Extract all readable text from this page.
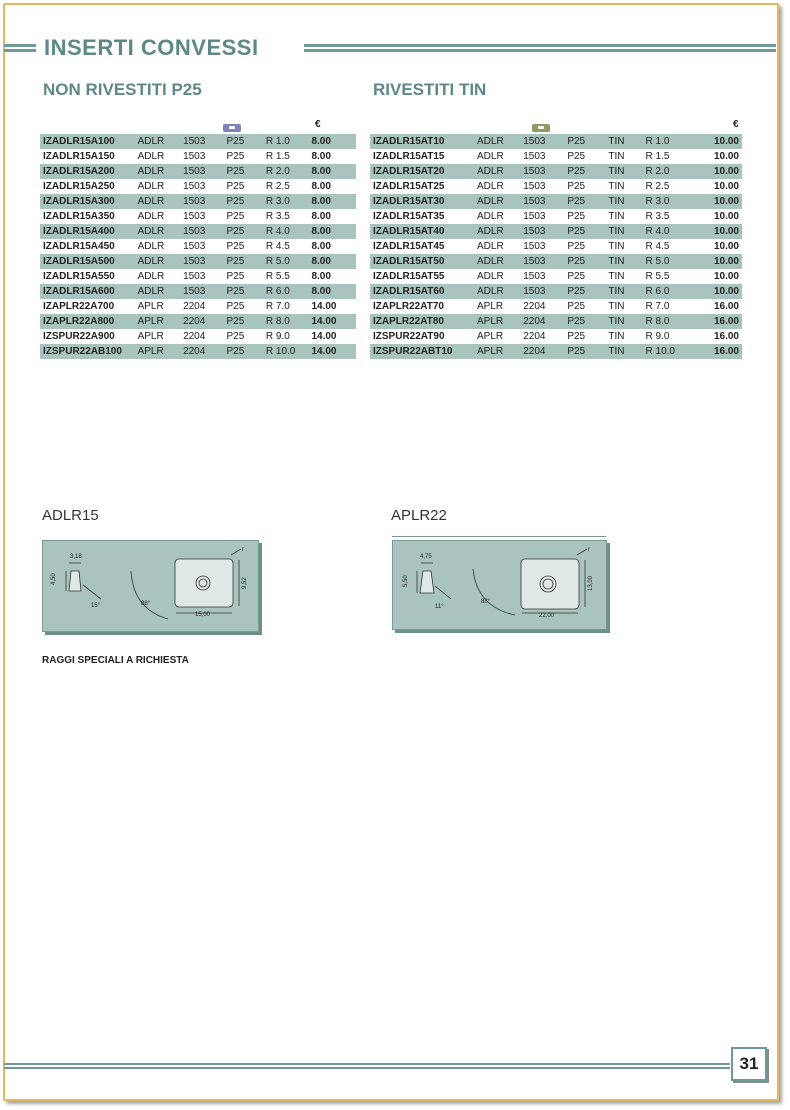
INSERTI CONVESSI
NON RIVESTITI P25	RIVESTITI TIN
€	€
IZADLR15A100	ADLR	1503	P25	R 1.0	8.00
IZADLR15A150	ADLR	1503	P25	R 1.5	8.00
IZADLR15A200	ADLR	1503	P25	R 2.0	8.00
IZADLR15A250	ADLR	1503	P25	R 2.5	8.00
IZADLR15A300	ADLR	1503	P25	R 3.0	8.00
IZADLR15A350	ADLR	1503	P25	R 3.5	8.00
IZADLR15A400	ADLR	1503	P25	R 4.0	8.00
IZADLR15A450	ADLR	1503	P25	R 4.5	8.00
IZADLR15A500	ADLR	1503	P25	R 5.0	8.00
IZADLR15A550	ADLR	1503	P25	R 5.5	8.00
IZADLR15A600	ADLR	1503	P25	R 6.0	8.00
IZAPLR22A700	APLR	2204	P25	R 7.0	14.00
IZAPLR22A800	APLR	2204	P25	R 8.0	14.00
IZSPUR22A900	APLR	2204	P25	R 9.0	14.00
IZSPUR22AB100	APLR	2204	P25	R 10.0	14.00
IZADLR15AT10	ADLR	1503	P25	TIN	R 1.0	10.00
IZADLR15AT15	ADLR	1503	P25	TIN	R 1.5	10.00
IZADLR15AT20	ADLR	1503	P25	TIN	R 2.0	10.00
IZADLR15AT25	ADLR	1503	P25	TIN	R 2.5	10.00
IZADLR15AT30	ADLR	1503	P25	TIN	R 3.0	10.00
IZADLR15AT35	ADLR	1503	P25	TIN	R 3.5	10.00
IZADLR15AT40	ADLR	1503	P25	TIN	R 4.0	10.00
IZADLR15AT45	ADLR	1503	P25	TIN	R 4.5	10.00
IZADLR15AT50	ADLR	1503	P25	TIN	R 5.0	10.00
IZADLR15AT55	ADLR	1503	P25	TIN	R 5.5	10.00
IZADLR15AT60	ADLR	1503	P25	TIN	R 6.0	10.00
IZAPLR22AT70	APLR	2204	P25	TIN	R 7.0	16.00
IZAPLR22AT80	APLR	2204	P25	TIN	R 8.0	16.00
IZSPUR22AT90	APLR	2204	P25	TIN	R 9.0	16.00
IZSPUR22ABT10	APLR	2204	P25	TIN	R 10.0	16.00
ADLR15	APLR22
3,18
4,50
15°	88°
15,00
9,52
r
4,75
5,50
11°
88°
22,00
13,00
r
RAGGI SPECIALI A RICHIESTA
31
